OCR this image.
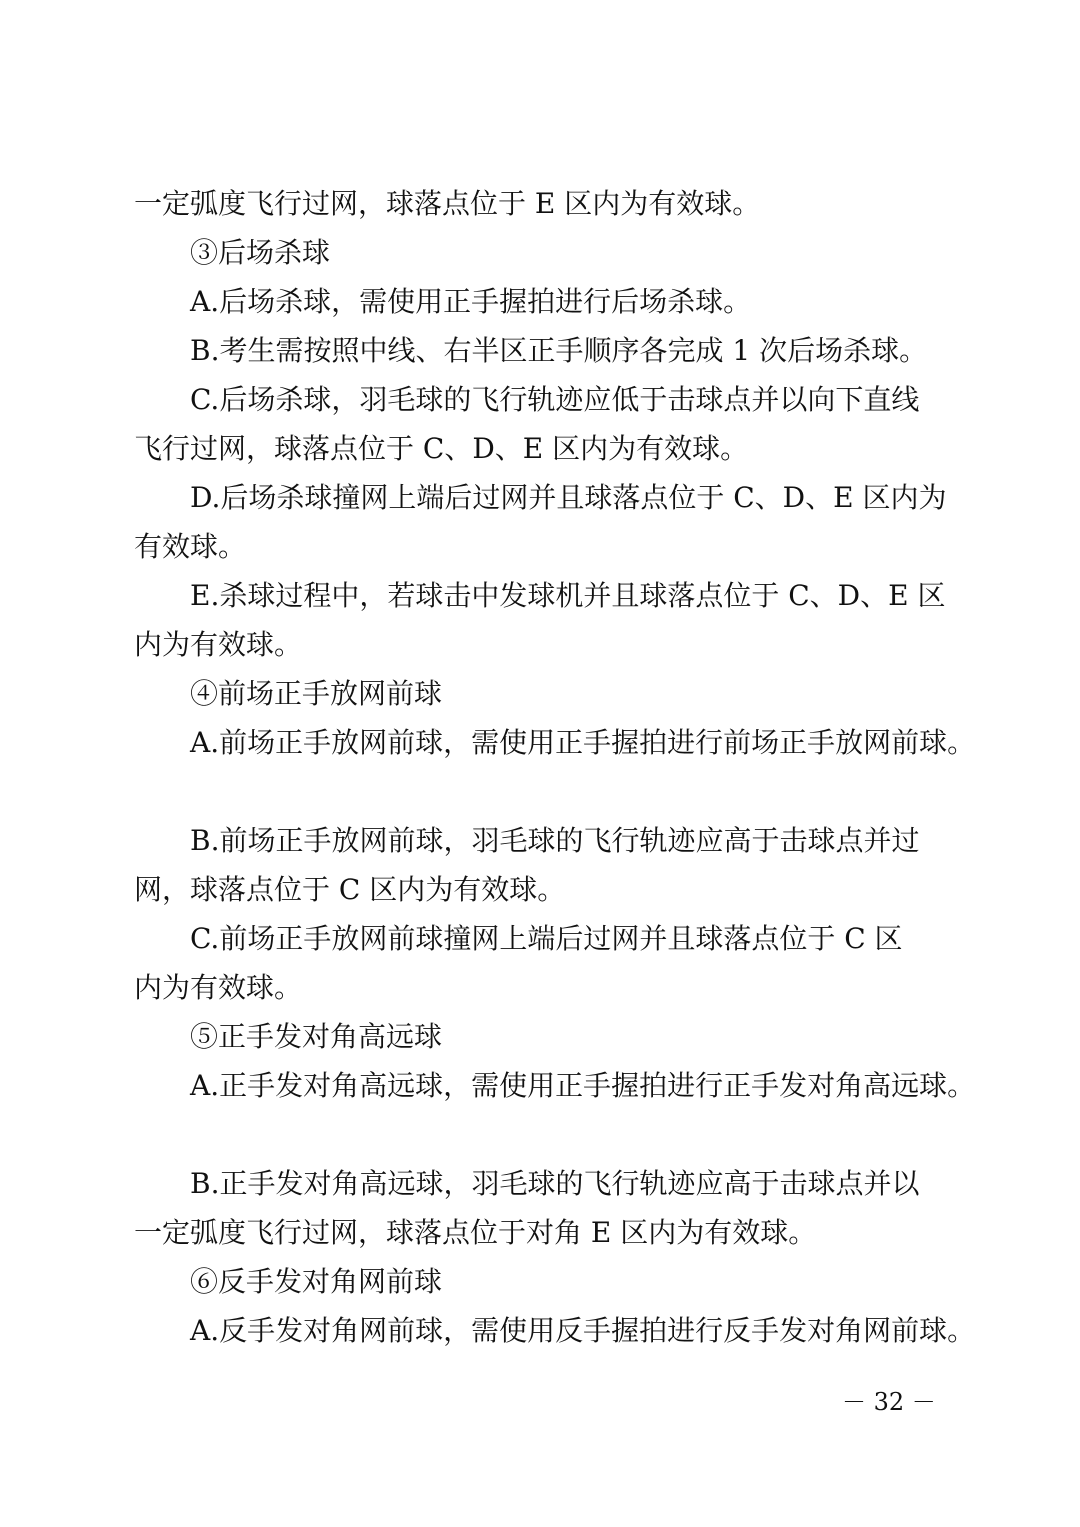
一定弧度飞行过网，球落点位于 E 区内为有效球。
③后场杀球
A.后场杀球，需使用正手握拍进行后场杀球。
B.考生需按照中线、右半区正手顺序各完成 1 次后场杀球。
C.后场杀球，羽毛球的飞行轨迹应低于击球点并以向下直线
飞行过网，球落点位于 C、D、E 区内为有效球。
D.后场杀球撞网上端后过网并且球落点位于 C、D、E 区内为
有效球。
E.杀球过程中，若球击中发球机并且球落点位于 C、D、E 区
内为有效球。
④前场正手放网前球
A.前场正手放网前球，需使用正手握拍进行前场正手放网前球。
B.前场正手放网前球，羽毛球的飞行轨迹应高于击球点并过
网，球落点位于 C 区内为有效球。
C.前场正手放网前球撞网上端后过网并且球落点位于 C 区
内为有效球。
⑤正手发对角高远球
A.正手发对角高远球，需使用正手握拍进行正手发对角高远球。
B.正手发对角高远球，羽毛球的飞行轨迹应高于击球点并以
一定弧度飞行过网，球落点位于对角 E 区内为有效球。
⑥反手发对角网前球
A.反手发对角网前球，需使用反手握拍进行反手发对角网前球。
－ 32 －
